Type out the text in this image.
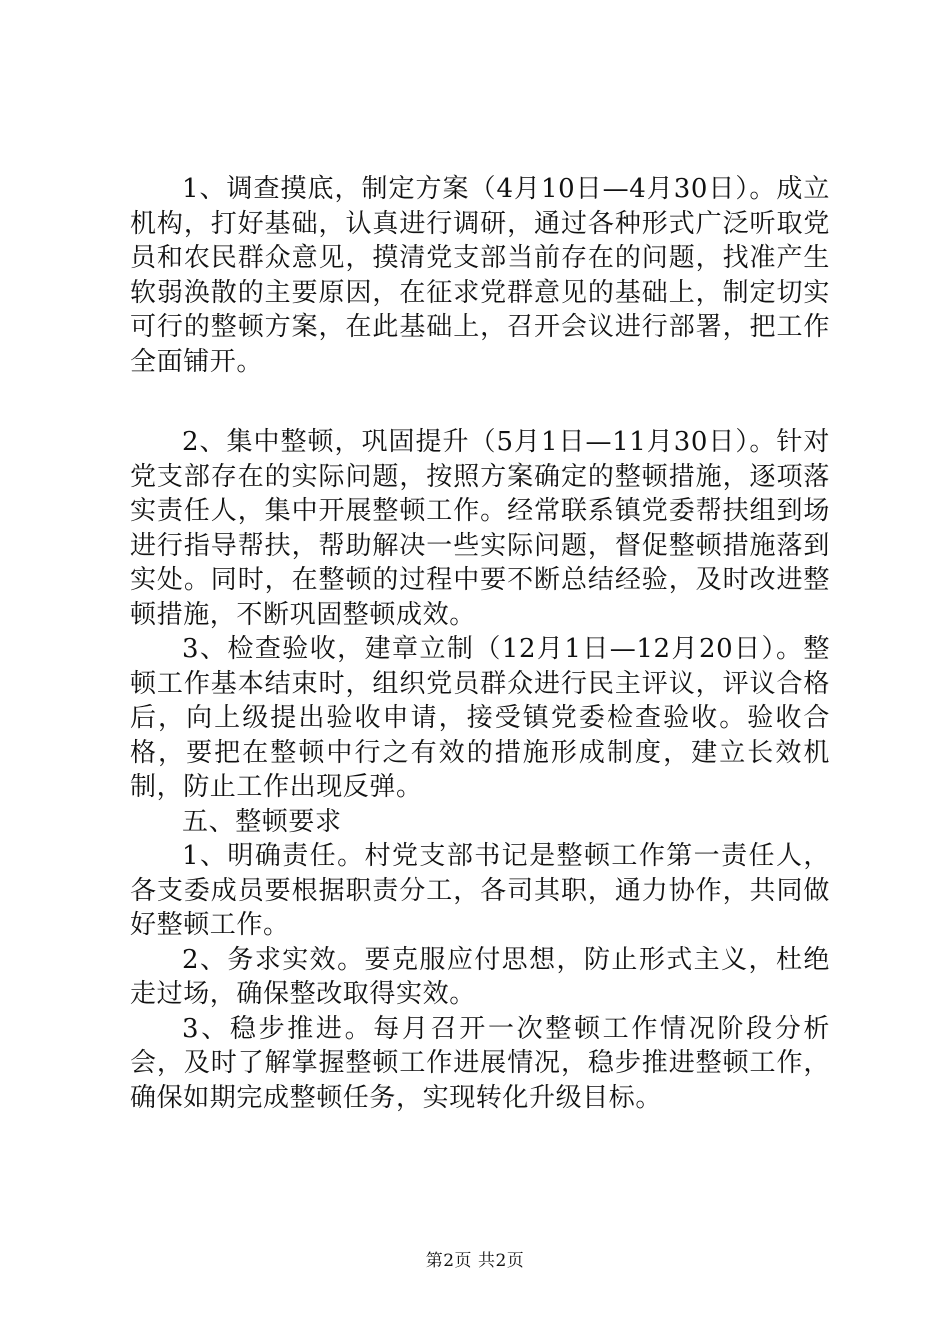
1、调查摸底，制定方案（4月10日—4月30日）。成立机构，打好基础，认真进行调研，通过各种形式广泛听取党员和农民群众意见，摸清党支部当前存在的问题，找准产生软弱涣散的主要原因，在征求党群意见的基础上，制定切实可行的整顿方案，在此基础上，召开会议进行部署，把工作全面铺开。

2、集中整顿，巩固提升（5月1日—11月30日）。针对党支部存在的实际问题，按照方案确定的整顿措施，逐项落实责任人，集中开展整顿工作。经常联系镇党委帮扶组到场进行指导帮扶，帮助解决一些实际问题，督促整顿措施落到实处。同时，在整顿的过程中要不断总结经验，及时改进整顿措施，不断巩固整顿成效。

3、检查验收，建章立制（12月1日—12月20日）。整顿工作基本结束时，组织党员群众进行民主评议，评议合格后，向上级提出验收申请，接受镇党委检查验收。验收合格，要把在整顿中行之有效的措施形成制度，建立长效机制，防止工作出现反弹。

五、整顿要求

1、明确责任。村党支部书记是整顿工作第一责任人，各支委成员要根据职责分工，各司其职，通力协作，共同做好整顿工作。

2、务求实效。要克服应付思想，防止形式主义，杜绝走过场，确保整改取得实效。

3、稳步推进。每月召开一次整顿工作情况阶段分析会，及时了解掌握整顿工作进展情况，稳步推进整顿工作，确保如期完成整顿任务，实现转化升级目标。

第2页 共2页
